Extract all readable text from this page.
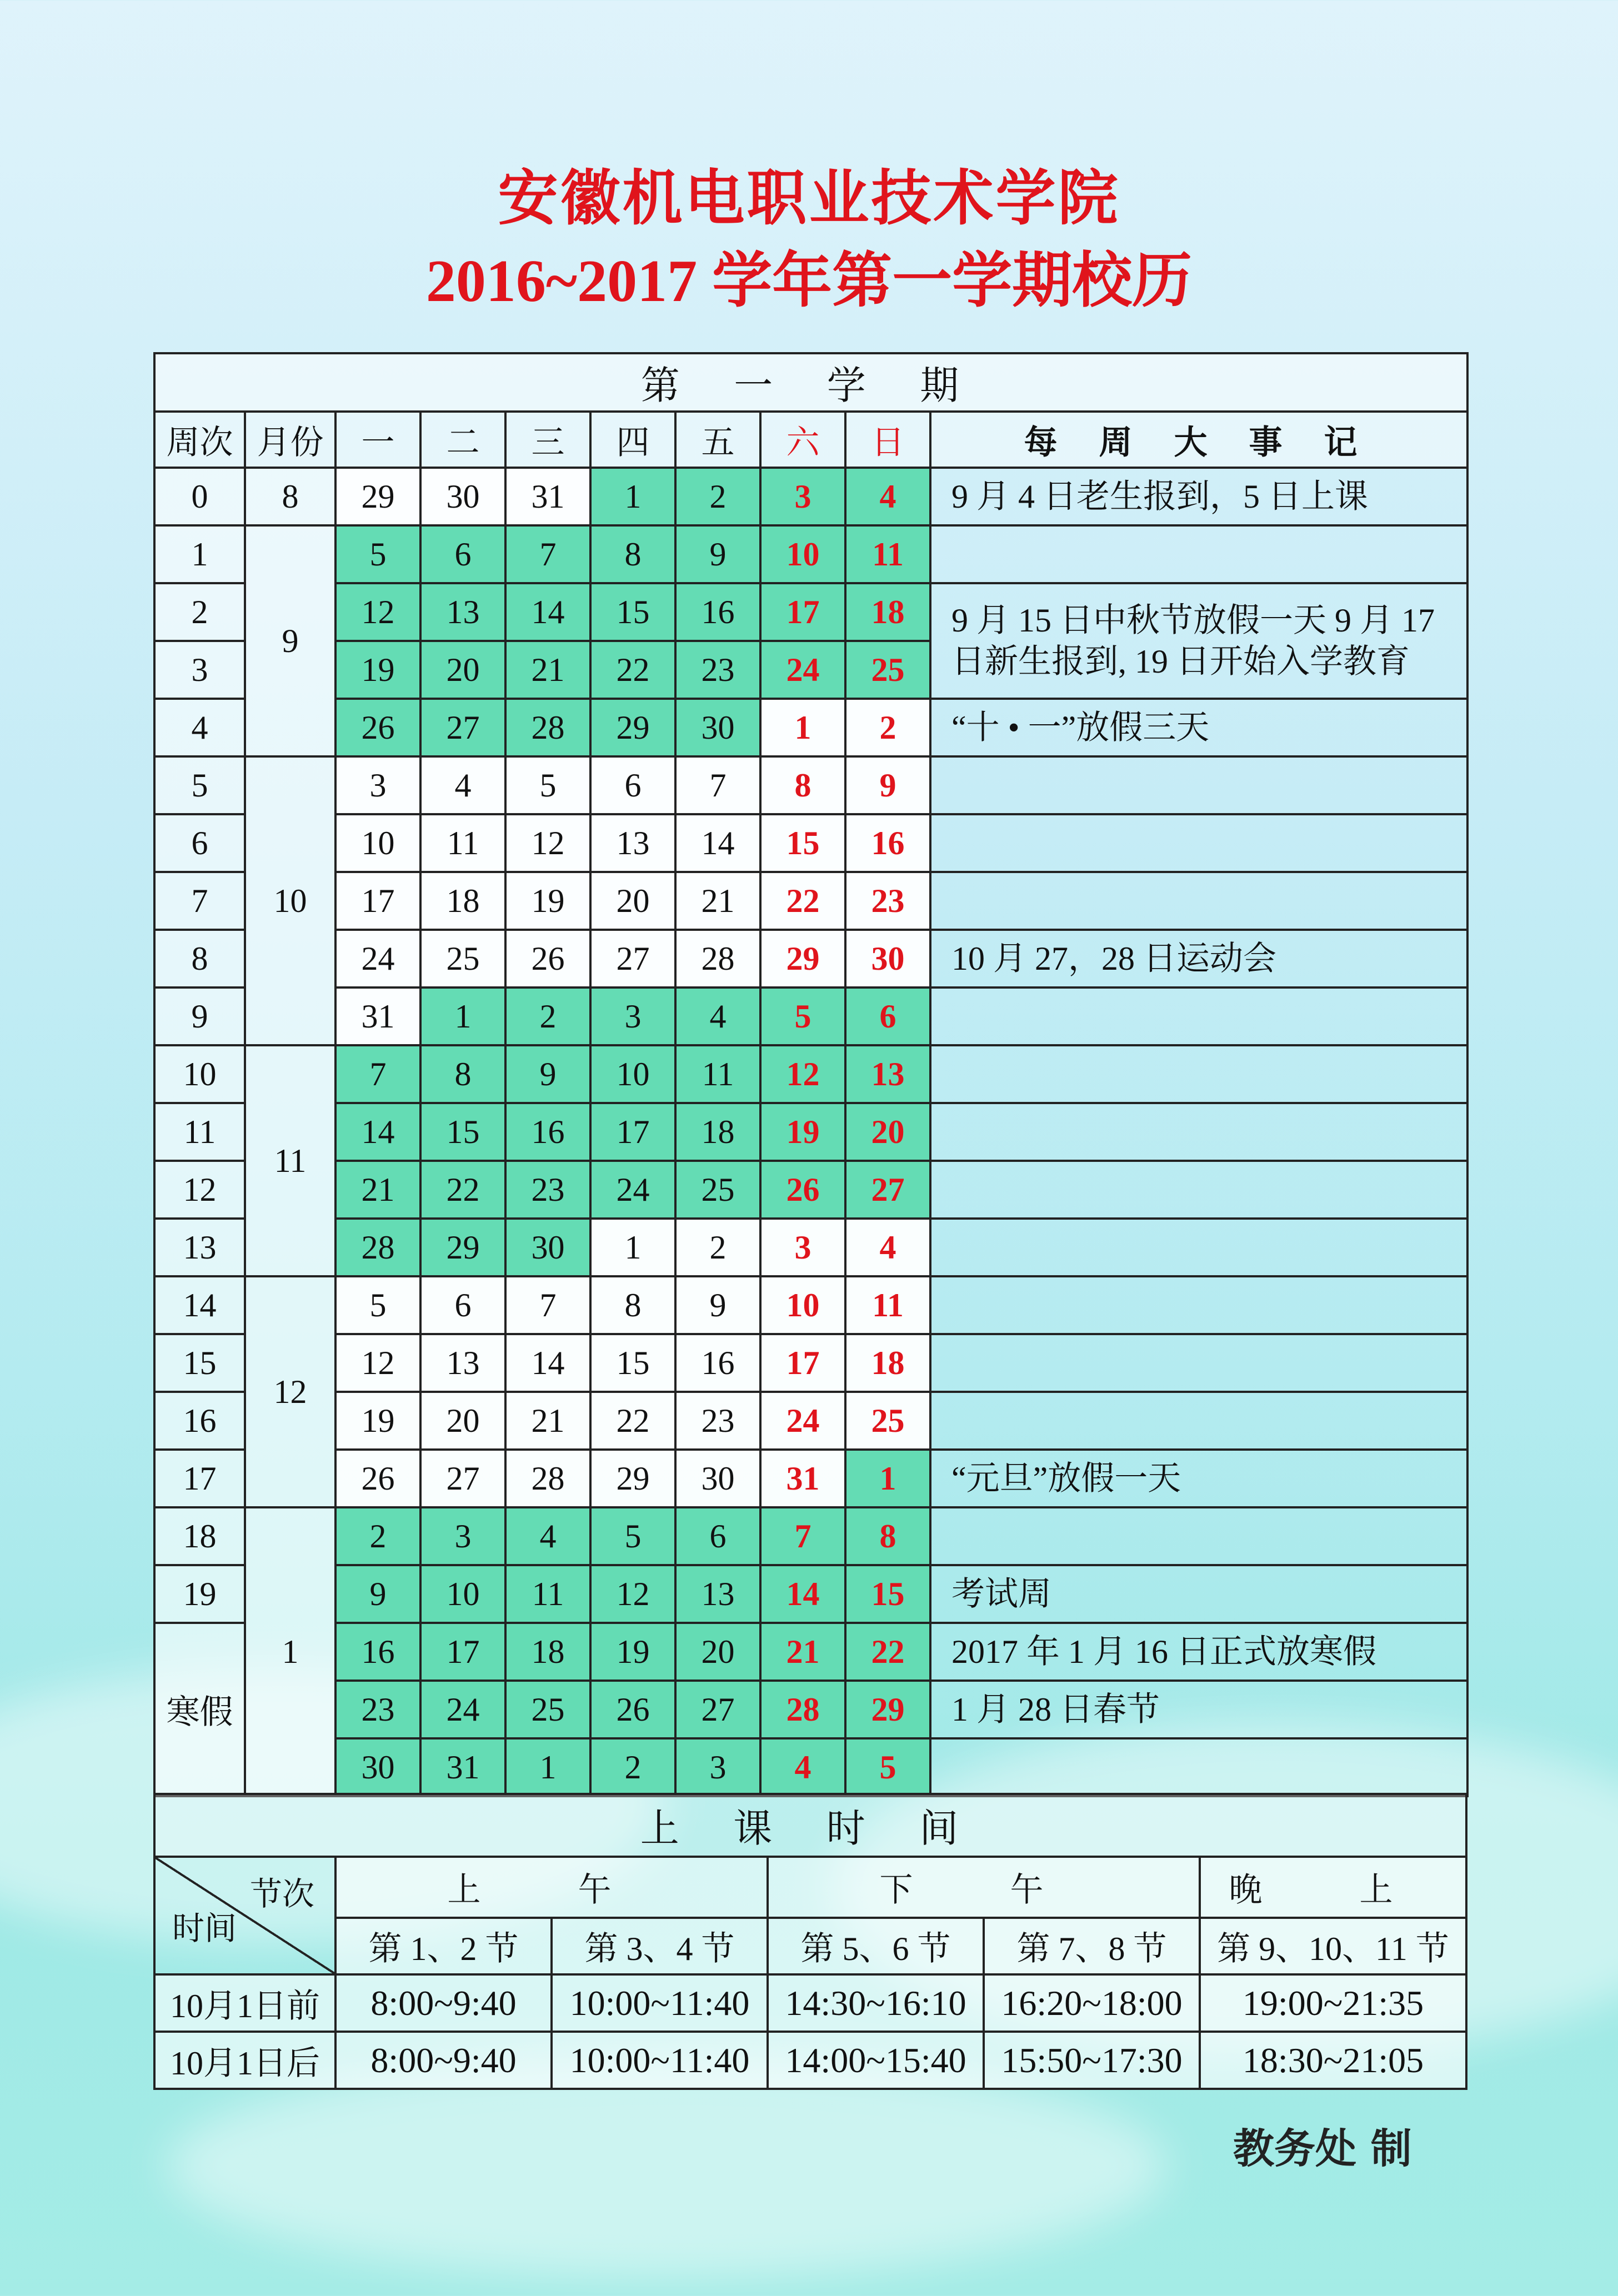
安徽机电职业技术学院
2016~2017 学年第一学期校历
第 一 学 期									
周次	月份	一	二	三	四	五	六	日	每 周 大 事 记
0	8	29	30	31	1	2	3	4	9 月 4 日老生报到，5 日上课
1	9	5	6	7	8	9	10	11	
2		12	13	14	15	16	17	18	9 月 15 日中秋节放假一天 9 月 17 日新生报到, 19 日开始入学教育
3		19	20	21	22	23	24	25	
4		26	27	28	29	30	1	2	“十 • 一”放假三天
5	10	3	4	5	6	7	8	9	
6		10	11	12	13	14	15	16	
7		17	18	19	20	21	22	23	
8		24	25	26	27	28	29	30	10 月 27，28 日运动会
9		31	1	2	3	4	5	6	
10	11	7	8	9	10	11	12	13	
11		14	15	16	17	18	19	20	
12		21	22	23	24	25	26	27	
13		28	29	30	1	2	3	4	
14	12	5	6	7	8	9	10	11	
15		12	13	14	15	16	17	18	
16		19	20	21	22	23	24	25	
17		26	27	28	29	30	31	1	“元旦”放假一天
18	1	2	3	4	5	6	7	8	
19		9	10	11	12	13	14	15	考试周
寒假		16	17	18	19	20	21	22	2017 年 1 月 16 日正式放寒假
		23	24	25	26	27	28	29	1 月 28 日春节
		30	31	1	2	3	4	5	
上 课 时 间					

节次
时间	上 午		下 午		晚 上
	第 1、2 节	第 3、4 节	第 5、6 节	第 7、8 节	第 9、10、11 节
10月1日前	8:00~9:40	10:00~11:40	14:30~16:10	16:20~18:00	19:00~21:35
10月1日后	8:00~9:40	10:00~11:40	14:00~15:40	15:50~17:30	18:30~21:05
教务处 制
